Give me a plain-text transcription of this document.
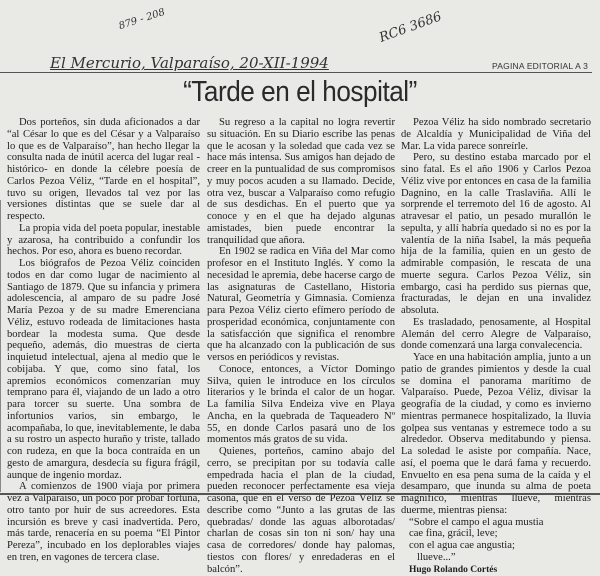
879 - 208	RC6 3686
El Mercurio, Valparaíso, 20-XII-1994	PAGINA EDITORIAL A 3
“Tarde en el hospital”

Dos porteños, sin duda aficionados a dar “al César lo que es del César y a Valparaíso lo que es de Valparaíso”, han hecho llegar la consulta nada de inútil acerca del lugar real -histórico- en donde la célebre poesía de Carlos Pezoa Véliz, “Tarde en el hospital”, tuvo su origen, llevados tal vez por las versiones distintas que se suele dar al respecto.

La propia vida del poeta popular, inestable y azarosa, ha contribuido a confundir los hechos. Por eso, ahora es bueno recordar.

Los biógrafos de Pezoa Véliz coinciden todos en dar como lugar de nacimiento al Santiago de 1879. Que su infancia y primera adolescencia, al amparo de su padre José María Pezoa y de su madre Emerenciana Véliz, estuvo rodeada de limitaciones hasta bordear la modesta suma. Que desde pequeño, además, dio muestras de cierta inquietud intelectual, ajena al medio que le cobijaba. Y que, como sino fatal, los apremios económicos comenzarían muy temprano para él, viajando de un lado a otro para torcer su suerte. Una sombra de infortunios varios, sin embargo, le acompañaba, lo que, inevitablemente, le daba a su rostro un aspecto huraño y triste, tallado con rudeza, en que la boca contraída en un gesto de amargura, desdecía su figura frágil, aunque de ingenio mordaz.

A comienzos de 1900 viaja por primera vez a Valparaíso, un poco por probar fortuna, otro tanto por huir de sus acreedores. Esta incursión es breve y casi inadvertida. Pero, más tarde, renacería en su poema “El Pintor Pereza”, incubado en los deplorables viajes en tren, en vagones de tercera clase.

Su regreso a la capital no logra revertir su situación. En su Diario escribe las penas que le acosan y la soledad que cada vez se hace más intensa. Sus amigos han dejado de creer en la puntualidad de sus compromisos y muy pocos acuden a su llamado. Decide, otra vez, buscar a Valparaíso como refugio de sus desdichas. En el puerto que ya conoce y en el que ha dejado algunas amistades, bien puede encontrar la tranquilidad que añora.

En 1902 se radica en Viña del Mar como profesor en el Instituto Inglés. Y como la necesidad le apremia, debe hacerse cargo de las asignaturas de Castellano, Historia Natural, Geometría y Gimnasia. Comienza para Pezoa Véliz cierto efímero período de prosperidad económica, conjuntamente con la satisfacción que significa el renombre que ha alcanzado con la publicación de sus versos en periódicos y revistas.

Conoce, entonces, a Víctor Domingo Silva, quien le introduce en los círculos literarios y le brinda el calor de un hogar. La familia Silva Endeiza vive en Playa Ancha, en la quebrada de Taqueadero Nº 55, en donde Carlos pasará uno de los momentos más gratos de su vida.

Quienes, porteños, camino abajo del cerro, se precipitan por su todavía calle empedrada hacia el plan de la ciudad, pueden reconocer perfectamente esa vieja casona, que en el verso de Pezoa Véliz se describe como “Junto a las grutas de las quebradas/ donde las aguas alborotadas/ charlan de cosas sin ton ni son/ hay una casa de corredores/ donde hay palomas, tiestos con flores/ y enredaderas en el balcón”.

Pezoa Véliz ha sido nombrado secretario de Alcaldía y Municipalidad de Viña del Mar. La vida parece sonreírle.

Pero, su destino estaba marcado por el sino fatal. Es el año 1906 y Carlos Pezoa Véliz vive por entonces en casa de la familia Dagnino, en la calle Traslaviña. Allí le sorprende el terremoto del 16 de agosto. Al atravesar el patio, un pesado murallón le sepulta, y allí habría quedado si no es por la valentía de la niña Isabel, la más pequeña hija de la familia, quien en un gesto de admirable compasión, le rescata de una muerte segura. Carlos Pezoa Véliz, sin embargo, casi ha perdido sus piernas que, fracturadas, le dejan en una invalidez absoluta.

Es trasladado, penosamente, al Hospital Alemán del cerro Alegre de Valparaíso, donde comenzará una larga convalecencia.

Yace en una habitación amplia, junto a un patio de grandes pimientos y desde la cual se domina el panorama marítimo de Valparaíso. Puede, Pezoa Véliz, divisar la geografía de la ciudad, y como es invierno mientras permanece hospitalizado, la lluvia golpea sus ventanas y estremece todo a su alrededor. Observa meditabundo y piensa. La soledad le asiste por compañía. Nace, así, el poema que le dará fama y recuerdo. Envuelto en esa pena suma de la caída y el desamparo, que inunda su alma de poeta magnífico, mientras llueve, mientras duerme, mientras piensa:

“Sobre el campo el agua mustia
cae fina, grácil, leve;
con el agua cae angustia;
llueve...”
Hugo Rolando Cortés
